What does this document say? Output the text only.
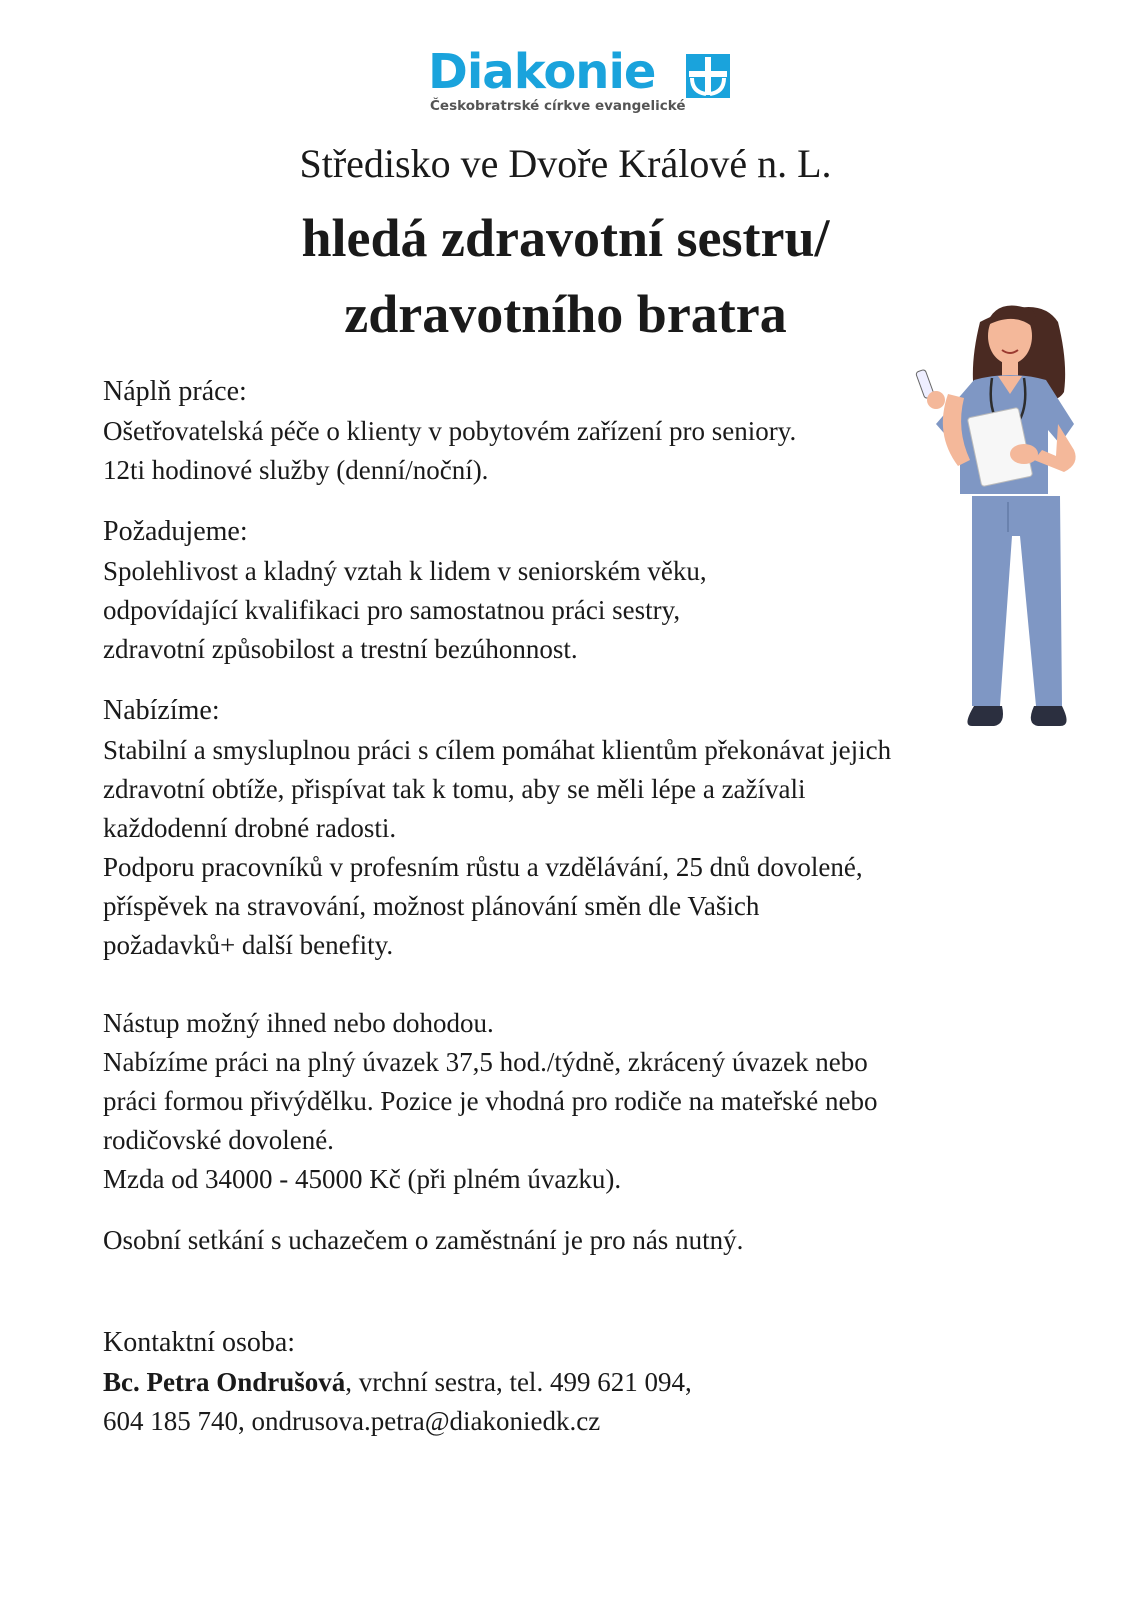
Diakonie
Českobratrské církve evangelické
Středisko ve Dvoře Králové n. L.
hledá zdravotní sestru/
zdravotního bratra
Náplň práce:

Ošetřovatelská péče o klienty v pobytovém zařízení pro seniory.

12ti hodinové služby (denní/noční).

Požadujeme:

Spolehlivost a kladný vztah k lidem v seniorském věku,

odpovídající kvalifikaci pro samostatnou práci sestry,

zdravotní způsobilost a trestní bezúhonnost.

Nabízíme:

Stabilní a smysluplnou práci s cílem pomáhat klientům překonávat jejich

zdravotní obtíže, přispívat tak k tomu, aby se měli lépe a zažívali

každodenní drobné radosti.

Podporu pracovníků v profesním růstu a vzdělávání, 25 dnů dovolené,

příspěvek na stravování, možnost plánování směn dle Vašich

požadavků+ další benefity.

Nástup možný ihned nebo dohodou.

Nabízíme práci na plný úvazek 37,5 hod./týdně, zkrácený úvazek nebo

práci formou přivýdělku. Pozice je vhodná pro rodiče na mateřské nebo

rodičovské dovolené.

Mzda od 34000 - 45000 Kč (při plném úvazku).

Osobní setkání s uchazečem o zaměstnání je pro nás nutný.

Kontaktní osoba:

Bc. Petra Ondrušová, vrchní sestra, tel. 499 621 094,

604 185 740, ondrusova.petra@diakoniedk.cz
